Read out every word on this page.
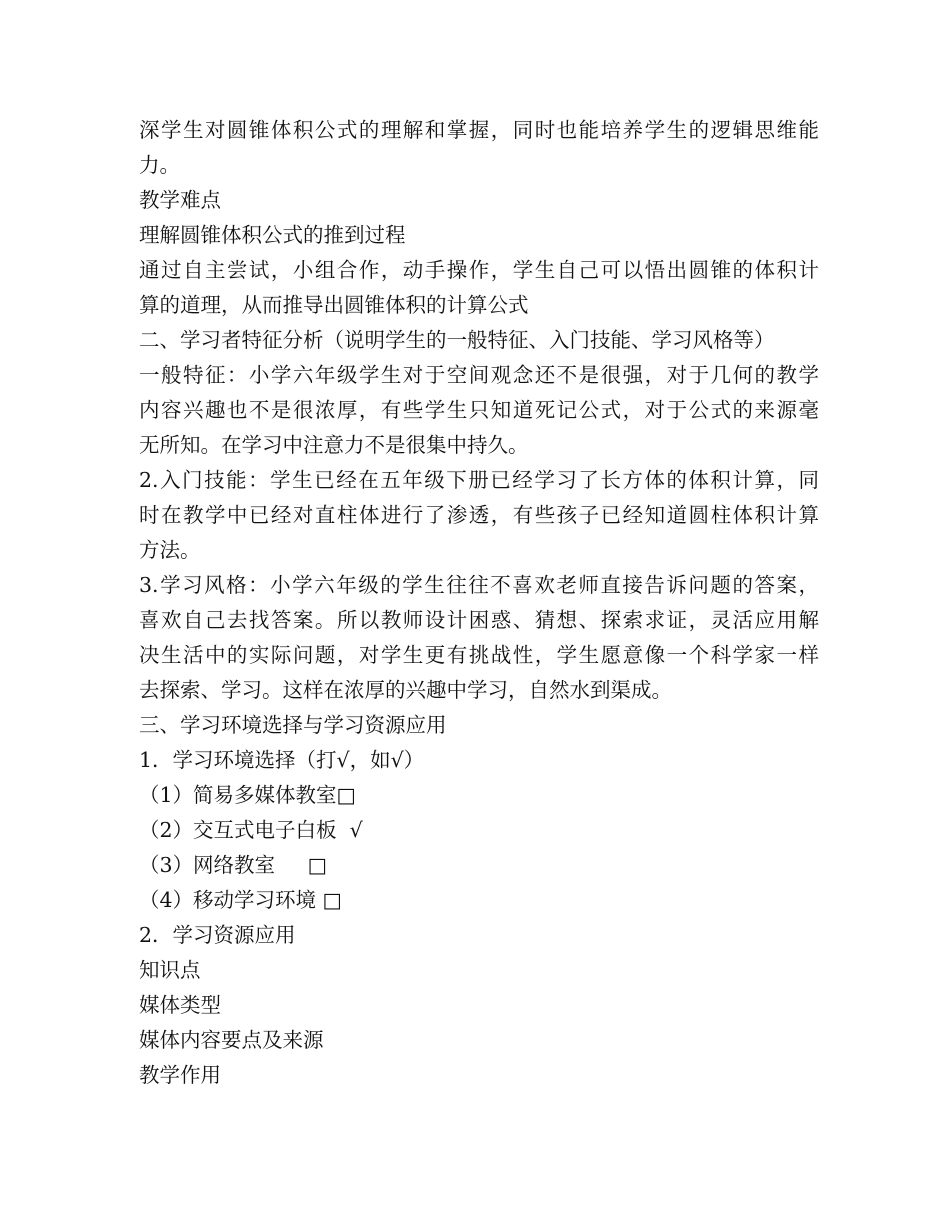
深学生对圆锥体积公式的理解和掌握，同时也能培养学生的逻辑思维能
力。
教学难点
理解圆锥体积公式的推到过程
通过自主尝试，小组合作，动手操作，学生自己可以悟出圆锥的体积计
算的道理，从而推导出圆锥体积的计算公式
二、学习者特征分析（说明学生的一般特征、入门技能、学习风格等）
一般特征：小学六年级学生对于空间观念还不是很强，对于几何的教学
内容兴趣也不是很浓厚，有些学生只知道死记公式，对于公式的来源毫
无所知。在学习中注意力不是很集中持久。
2.入门技能：学生已经在五年级下册已经学习了长方体的体积计算，同
时在教学中已经对直柱体进行了渗透，有些孩子已经知道圆柱体积计算
方法。
3.学习风格：小学六年级的学生往往不喜欢老师直接告诉问题的答案，
喜欢自己去找答案。所以教师设计困惑、猜想、探索求证，灵活应用解
决生活中的实际问题，对学生更有挑战性，学生愿意像一个科学家一样
去探索、学习。这样在浓厚的兴趣中学习，自然水到渠成。
三、学习环境选择与学习资源应用
1．学习环境选择（打√，如√）
（1）简易多媒体教室□
（2）交互式电子白板  √
（3）网络教室     □
（4）移动学习环境 □
2．学习资源应用
知识点
媒体类型
媒体内容要点及来源
教学作用
